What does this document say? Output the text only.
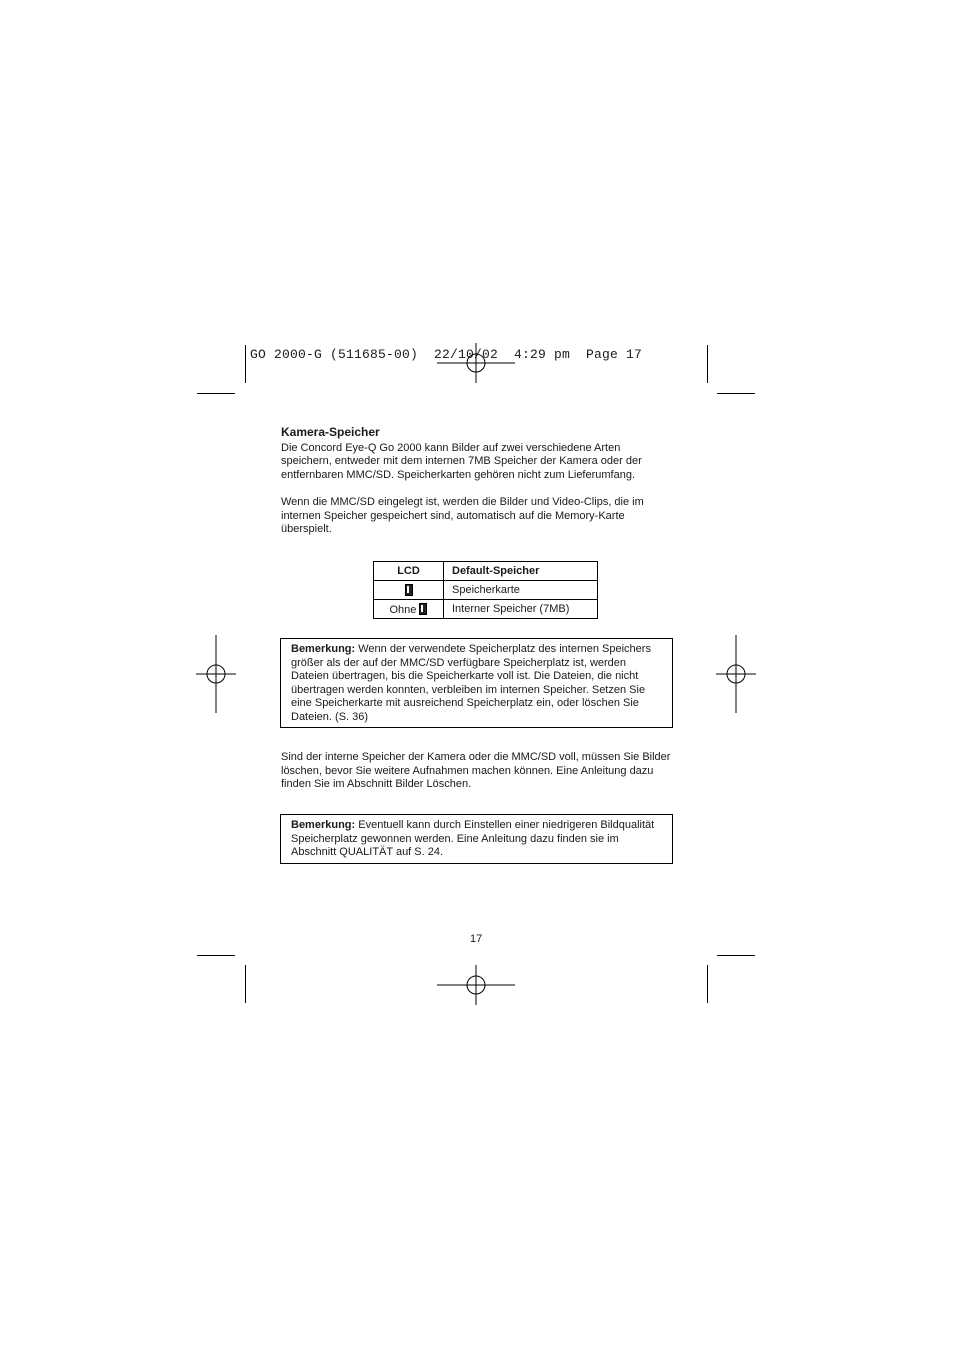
GO 2000-G (511685-00)  22/10/02  4:29 pm  Page 17
Kamera-Speicher

Die Concord Eye-Q Go 2000 kann Bilder auf zwei verschiedene Arten speichern, entweder mit dem internen 7MB Speicher der Kamera oder der entfernbaren MMC/SD. Speicherkarten gehören nicht zum Lieferumfang.

Wenn die MMC/SD eingelegt ist, werden die Bilder und Video-Clips, die im internen Speicher gespeichert sind, automatisch auf die Memory-Karte überspielt.

LCD	Default-Speicher
	Speicherkarte
Ohne	Interner Speicher (7MB)
Bemerkung: Wenn der verwendete Speicherplatz des internen Speichers größer als der auf der MMC/SD verfügbare Speicherplatz ist, werden Dateien übertragen, bis die Speicherkarte voll ist. Die Dateien, die nicht übertragen werden konnten, verbleiben im internen Speicher. Setzen Sie eine Speicherkarte mit ausreichend Speicherplatz ein, oder löschen Sie Dateien. (S. 36)

Sind der interne Speicher der Kamera oder die MMC/SD voll, müssen Sie Bilder löschen, bevor Sie weitere Aufnahmen machen können. Eine Anleitung dazu finden Sie im Abschnitt Bilder Löschen.

Bemerkung: Eventuell kann durch Einstellen einer niedrigeren Bildqualität Speicherplatz gewonnen werden. Eine Anleitung dazu finden sie im Abschnitt QUALITÄT auf S. 24.
17
